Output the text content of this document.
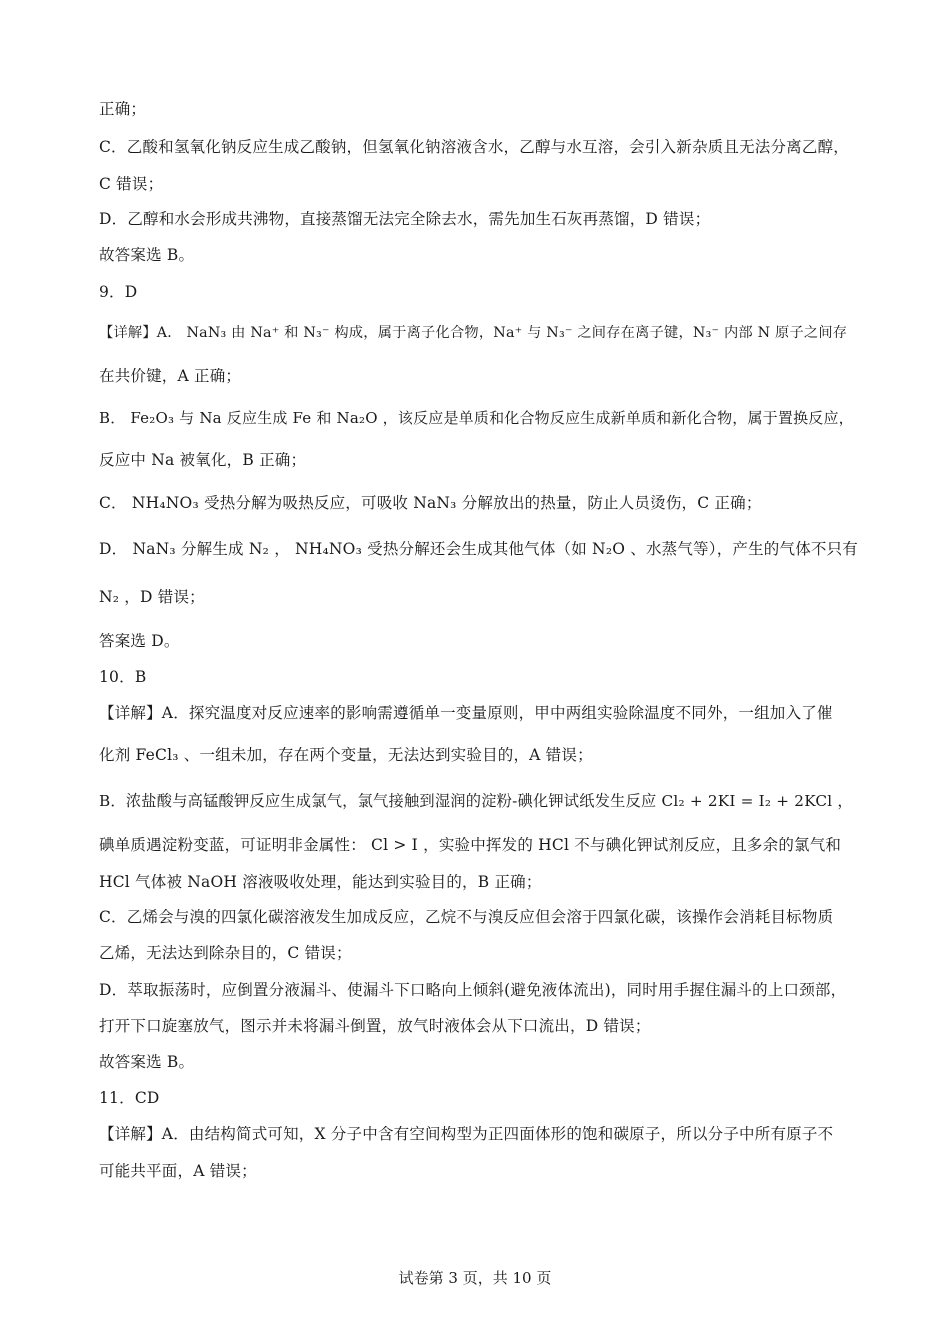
正确；
C．乙酸和氢氧化钠反应生成乙酸钠，但氢氧化钠溶液含水，乙醇与水互溶，会引入新杂质且无法分离乙醇，
C 错误；
D．乙醇和水会形成共沸物，直接蒸馏无法完全除去水，需先加生石灰再蒸馏，D 错误；
故答案选 B。
9．D
【详解】A． NaN₃ 由 Na⁺ 和 N₃⁻ 构成，属于离子化合物，Na⁺ 与 N₃⁻ 之间存在离子键，N₃⁻ 内部 N 原子之间存
在共价键，A 正确；
B． Fe₂O₃ 与 Na 反应生成 Fe 和 Na₂O ，该反应是单质和化合物反应生成新单质和新化合物，属于置换反应，
反应中 Na 被氧化，B 正确；
C． NH₄NO₃ 受热分解为吸热反应，可吸收 NaN₃ 分解放出的热量，防止人员烫伤，C 正确；
D． NaN₃ 分解生成 N₂ ， NH₄NO₃ 受热分解还会生成其他气体（如 N₂O 、水蒸气等），产生的气体不只有
N₂ ，D 错误；
答案选 D。
10．B
【详解】A．探究温度对反应速率的影响需遵循单一变量原则，甲中两组实验除温度不同外，一组加入了催
化剂 FeCl₃ 、一组未加，存在两个变量，无法达到实验目的，A 错误；
B．浓盐酸与高锰酸钾反应生成氯气，氯气接触到湿润的淀粉-碘化钾试纸发生反应 Cl₂ + 2KI = I₂ + 2KCl ，
碘单质遇淀粉变蓝，可证明非金属性： Cl > I ，实验中挥发的 HCl 不与碘化钾试剂反应，且多余的氯气和
HCl 气体被 NaOH 溶液吸收处理，能达到实验目的，B 正确；
C．乙烯会与溴的四氯化碳溶液发生加成反应，乙烷不与溴反应但会溶于四氯化碳，该操作会消耗目标物质
乙烯，无法达到除杂目的，C 错误；
D．萃取振荡时，应倒置分液漏斗、使漏斗下口略向上倾斜(避免液体流出)，同时用手握住漏斗的上口颈部，
打开下口旋塞放气，图示并未将漏斗倒置，放气时液体会从下口流出，D 错误；
故答案选 B。
11．CD
【详解】A．由结构简式可知，X 分子中含有空间构型为正四面体形的饱和碳原子，所以分子中所有原子不
可能共平面，A 错误；
试卷第 3 页，共 10 页
